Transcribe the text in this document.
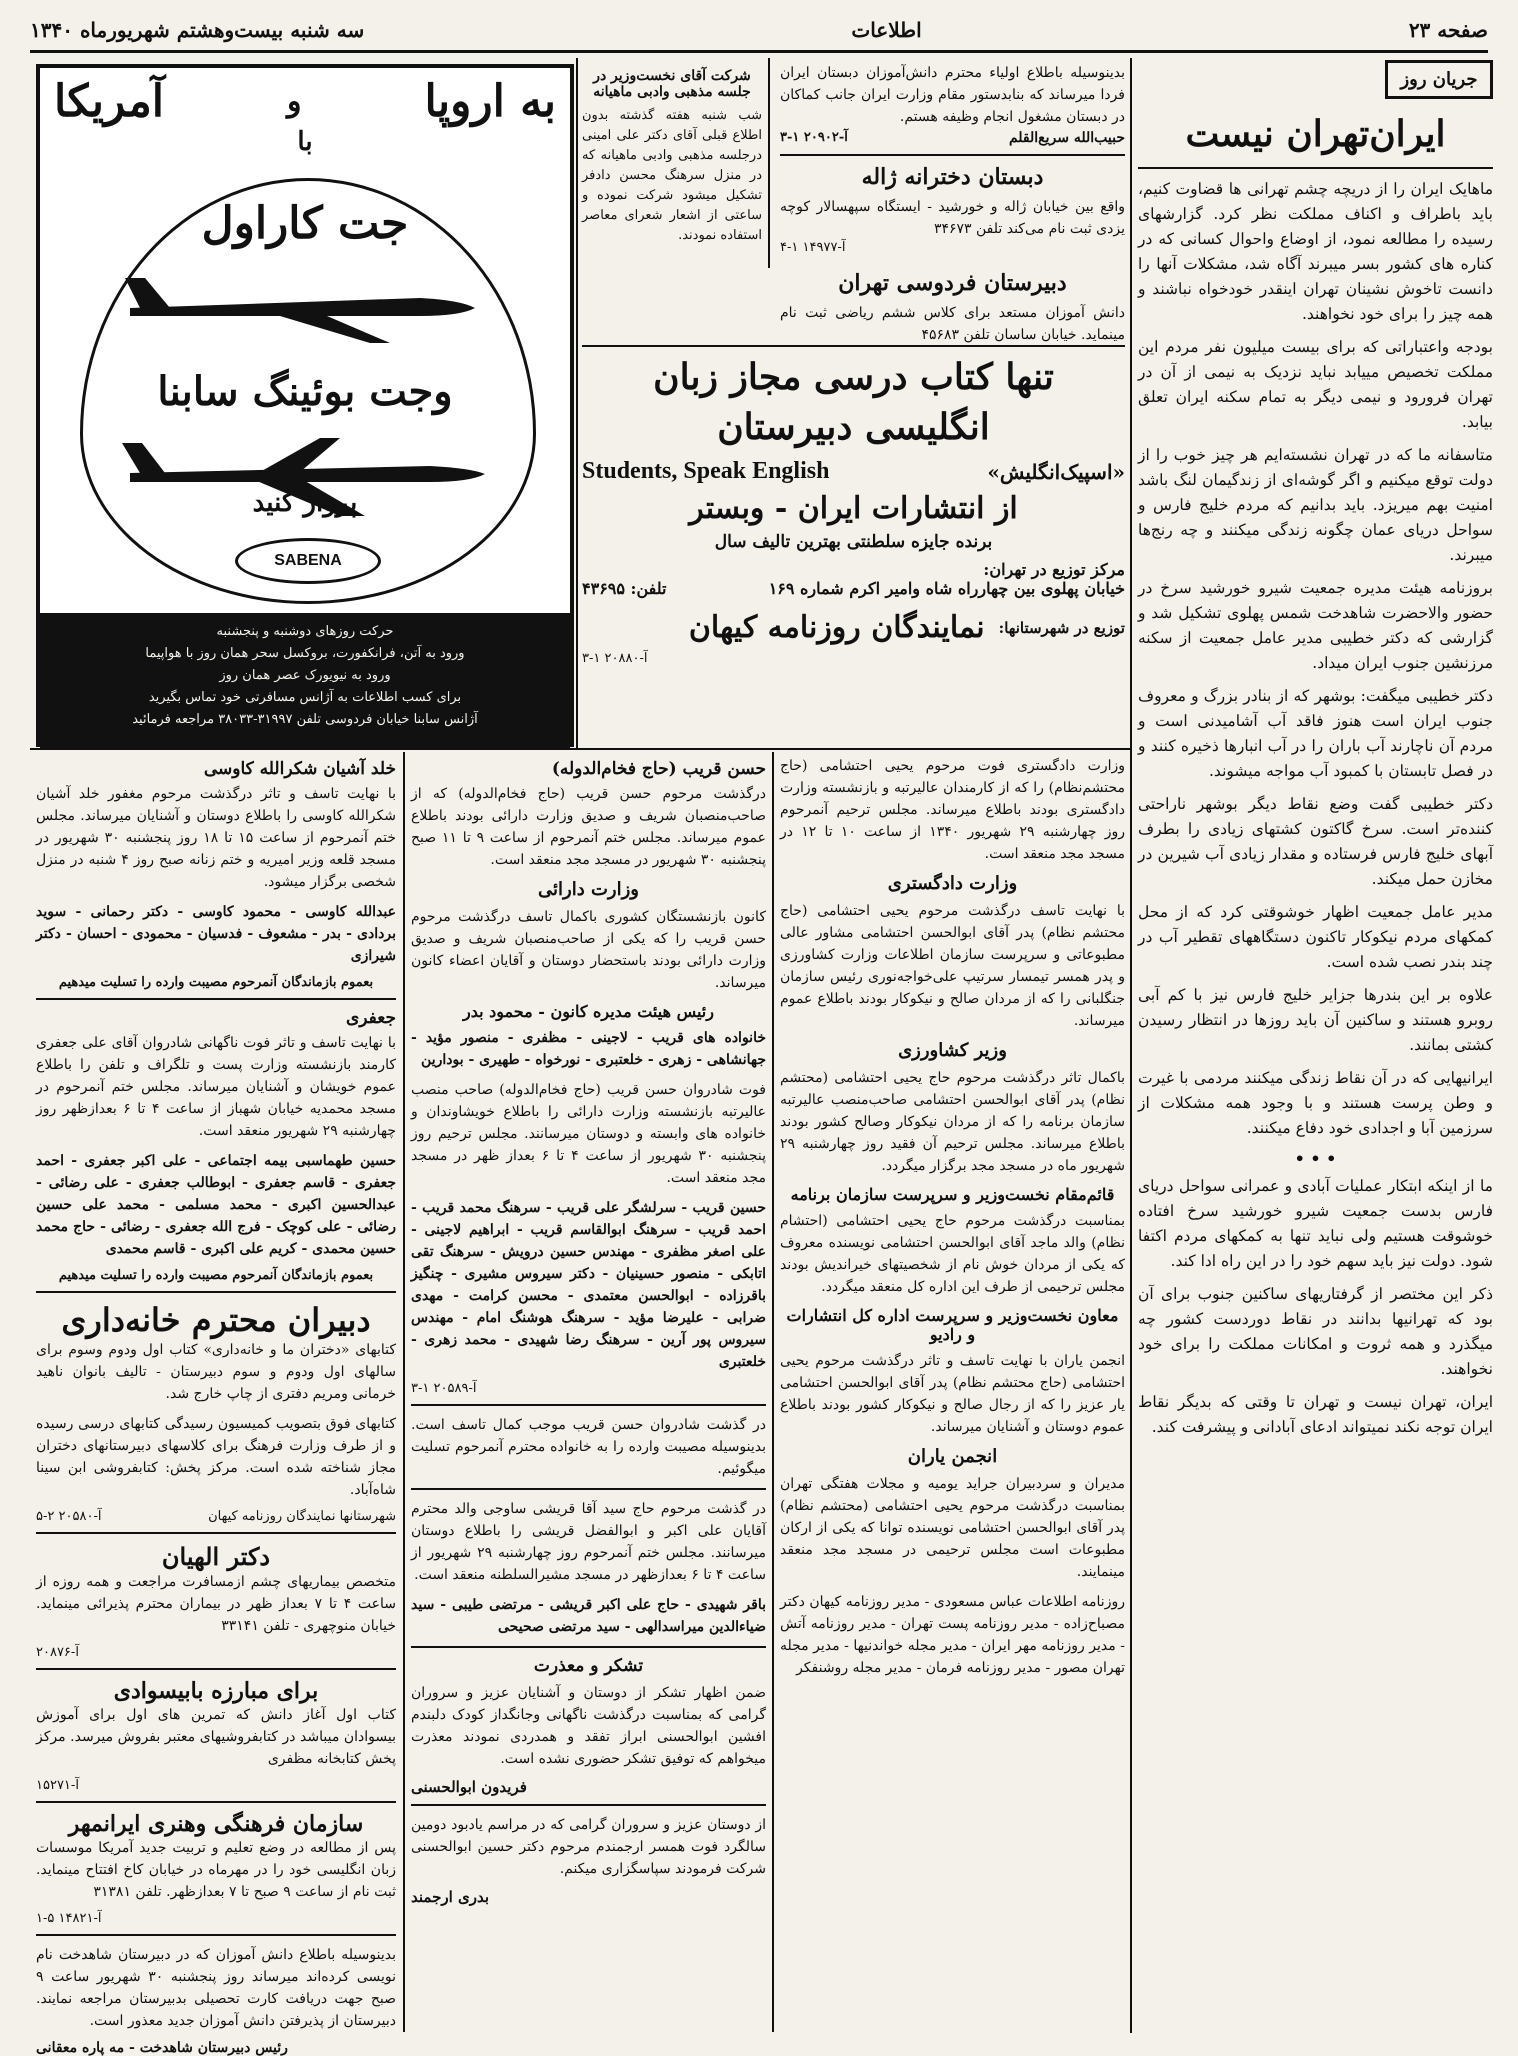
صفحه ۲۳
اطلاعات
سه شنبه بیست‌وهشتم شهریورماه ۱۳۴۰
جریان روز
ایران‌تهران نیست

ماهایک ایران را از دریچه چشم تهرانی ها قضاوت کنیم، باید باطراف و اکناف مملکت نظر کرد. گزارشهای رسیده را مطالعه نمود، از اوضاع واحوال کسانی که در کناره های کشور بسر میبرند آگاه شد، مشکلات آنها را دانست تاخوش نشینان تهران اینقدر خودخواه نباشند و همه چیز را برای خود نخواهند.

بودجه واعتباراتی که برای بیست میلیون نفر مردم این مملکت تخصیص مییابد نباید نزدیک به نیمی از آن در تهران فرورود و نیمی دیگر به تمام سکنه ایران تعلق بیابد.

متاسفانه ما که در تهران نشسته‌ایم هر چیز خوب را از دولت توقع میکنیم و اگر گوشه‌ای از زندگیمان لنگ باشد امنیت بهم میریزد. باید بدانیم که مردم خلیج فارس و سواحل دریای عمان چگونه زندگی میکنند و چه رنج‌ها میبرند.

بروزنامه هیئت مدیره جمعیت شیرو خورشید سرخ در حضور والاحضرت شاهدخت شمس پهلوی تشکیل شد و گزارشی که دکتر خطیبی مدیر عامل جمعیت از سکنه مرزنشین جنوب ایران میداد.

دکتر خطیبی میگفت: بوشهر که از بنادر بزرگ و معروف جنوب ایران است هنوز فاقد آب آشامیدنی است و مردم آن ناچارند آب باران را در آب انبارها ذخیره کنند و در فصل تابستان با کمبود آب مواجه میشوند.

دکتر خطیبی گفت وضع نقاط دیگر بوشهر ناراحتی کننده‌تر است. سرخ گاکتون کشتهای زیادی را بطرف آبهای خلیج فارس فرستاده و مقدار زیادی آب شیرین در مخازن حمل میکند.

مدیر عامل جمعیت اظهار خوشوقتی کرد که از محل کمکهای مردم نیکوکار تاکنون دستگاههای تقطیر آب در چند بندر نصب شده است.

علاوه بر این بندرها جزایر خلیج فارس نیز با کم آبی روبرو هستند و ساکنین آن باید روزها در انتظار رسیدن کشتی بمانند.

ایرانیهایی که در آن نقاط زندگی میکنند مردمی با غیرت و وطن پرست هستند و با وجود همه مشکلات از سرزمین آبا و اجدادی خود دفاع میکنند.

• • •

ما از اینکه ابتکار عملیات آبادی و عمرانی سواحل دریای فارس بدست جمعیت شیرو خورشید سرخ افتاده خوشوقت هستیم ولی نباید تنها به کمکهای مردم اکتفا شود. دولت نیز باید سهم خود را در این راه ادا کند.

ذکر این مختصر از گرفتاریهای ساکنین جنوب برای آن بود که تهرانیها بدانند در نقاط دوردست کشور چه میگذرد و همه ثروت و امکانات مملکت را برای خود نخواهند.

ایران، تهران نیست و تهران تا وقتی که بدیگر نقاط ایران توجه نکند نمیتواند ادعای آبادانی و پیشرفت کند.

بدینوسیله باطلاع اولیاء محترم دانش‌آموزان دبستان ایران فردا میرساند که بنابدستور مقام وزارت ایران جانب کماکان در دبستان مشغول انجام وظیفه هستم.

حبیب‌الله سریع‌القلم
آ-۲۰۹۰۲ ۱-۳
دبستان دخترانه ژاله

واقع بین خیابان ژاله و خورشید - ایستگاه سپهسالار کوچه یزدی ثبت نام می‌کند تلفن ۳۴۶۷۳

آ-۱۴۹۷۷ ۱-۴
شرکت آقای نخست‌وزیر در جلسه مذهبی وادبی ماهیانه

شب شنبه هفته گذشته بدون اطلاع قبلی آقای دکتر علی امینی درجلسه مذهبی وادبی ماهیانه که در منزل سرهنگ محسن دادفر تشکیل میشود شرکت نموده و ساعتی از اشعار شعرای معاصر استفاده نمودند.

دبیرستان فردوسی تهران

دانش آموزان مستعد برای کلاس ششم ریاضی ثبت نام مینماید. خیابان ساسان تلفن ۴۵۶۸۳

تنها کتاب درسی مجاز زبان
انگلیسی دبیرستان
«اسپیک‌انگلیش»
Students, Speak English
از انتشارات ایران - وبستر
برنده جایزه سلطنتی بهترین تالیف سال
مرکز توزیع در تهران:
خیابان پهلوی بین چهارراه شاه وامیر اکرم شماره ۱۶۹
تلفن: ۴۳۶۹۵
توزیع در شهرستانها:
نمایندگان روزنامه کیهان
آ-۲۰۸۸۰ ۱-۳
به اروپا
و
آمریکا
با
جت کاراول
وجت بوئینگ سابنا
پرواز کنید
SABENA
حرکت روزهای دوشنبه و پنجشنبه
ورود به آتن، فرانکفورت، بروکسل سحر همان روز با هواپیما
ورود به نیویورک عصر همان روز
برای کسب اطلاعات به آژانس مسافرتی خود تماس بگیرید
آژانس سابنا خیابان فردوسی تلفن ۳۱۹۹۷-۳۸۰۳۳ مراجعه فرمائید

وزارت دادگستری فوت مرحوم یحیی احتشامی (حاج محتشم‌نظام) را که از کارمندان عالیرتبه و بازنشسته وزارت دادگستری بودند باطلاع میرساند. مجلس ترحیم آنمرحوم روز چهارشنبه ۲۹ شهریور ۱۳۴۰ از ساعت ۱۰ تا ۱۲ در مسجد مجد منعقد است.

وزارت دادگستری

با نهایت تاسف درگذشت مرحوم یحیی احتشامی (حاج محتشم نظام) پدر آقای ابوالحسن احتشامی مشاور عالی مطبوعاتی و سرپرست سازمان اطلاعات وزارت کشاورزی و پدر همسر تیمسار سرتیپ علی‌خواجه‌نوری رئیس سازمان جنگلبانی را که از مردان صالح و نیکوکار بودند باطلاع عموم میرساند.

وزیر کشاورزی

باکمال تاثر درگذشت مرحوم حاج یحیی احتشامی (محتشم نظام) پدر آقای ابوالحسن احتشامی صاحب‌منصب عالیرتبه سازمان برنامه را که از مردان نیکوکار وصالح کشور بودند باطلاع میرساند. مجلس ترحیم آن فقید روز چهارشنبه ۲۹ شهریور ماه در مسجد مجد برگزار میگردد.

قائم‌مقام نخست‌وزیر و سرپرست سازمان برنامه

بمناسبت درگذشت مرحوم حاج یحیی احتشامی (احتشام نظام) والد ماجد آقای ابوالحسن احتشامی نویسنده معروف که یکی از مردان خوش نام از شخصیتهای خیراندیش بودند مجلس ترحیمی از طرف این اداره کل منعقد میگردد.

معاون نخست‌وزیر و سرپرست اداره کل انتشارات و رادیو

انجمن یاران با نهایت تاسف و تاثر درگذشت مرحوم یحیی احتشامی (حاج محتشم نظام) پدر آقای ابوالحسن احتشامی یار عزیز را که از رجال صالح و نیکوکار کشور بودند باطلاع عموم دوستان و آشنایان میرساند.

انجمن یاران

مدیران و سردبیران جراید یومیه و مجلات هفتگی تهران بمناسبت درگذشت مرحوم یحیی احتشامی (محتشم نظام) پدر آقای ابوالحسن احتشامی نویسنده توانا که یکی از ارکان مطبوعات است مجلس ترحیمی در مسجد مجد منعقد مینمایند.

روزنامه اطلاعات عباس مسعودی - مدیر روزنامه کیهان دکتر مصباح‌زاده - مدیر روزنامه پست تهران - مدیر روزنامه آتش - مدیر روزنامه مهر ایران - مدیر مجله خواندنیها - مدیر مجله تهران مصور - مدیر روزنامه فرمان - مدیر مجله روشنفکر

حسن قریب (حاج فخام‌الدوله)

درگذشت مرحوم حسن قریب (حاج فخام‌الدوله) که از صاحب‌منصبان شریف و صدیق وزارت دارائی بودند باطلاع عموم میرساند. مجلس ختم آنمرحوم از ساعت ۹ تا ۱۱ صبح پنجشنبه ۳۰ شهریور در مسجد مجد منعقد است.

وزارت دارائی

کانون بازنشستگان کشوری باکمال تاسف درگذشت مرحوم حسن قریب را که یکی از صاحب‌منصبان شریف و صدیق وزارت دارائی بودند باستحضار دوستان و آقایان اعضاء کانون میرساند.

رئیس هیئت مدیره کانون - محمود بدر

خانواده های قریب - لاجینی - مظفری - منصور مؤید - جهانشاهی - زهری - خلعتبری - نورخواه - طهیری - بودارین

فوت شادروان حسن قریب (حاج فخام‌الدوله) صاحب منصب عالیرتبه بازنشسته وزارت دارائی را باطلاع خویشاوندان و خانواده های وابسته و دوستان میرسانند. مجلس ترحیم روز پنجشنبه ۳۰ شهریور از ساعت ۴ تا ۶ بعداز ظهر در مسجد مجد منعقد است.

حسین قریب - سرلشگر علی قریب - سرهنگ محمد قریب - احمد قریب - سرهنگ ابوالقاسم قریب - ابراهیم لاجینی - علی اصغر مظفری - مهندس حسین درویش - سرهنگ تقی اتابکی - منصور حسینیان - دکتر سیروس مشیری - چنگیز باقرزاده - ابوالحسن معتمدی - محسن کرامت - مهدی ضرابی - علیرضا مؤید - سرهنگ هوشنگ امام - مهندس سیروس پور آرین - سرهنگ رضا شهیدی - محمد زهری - خلعتبری

آ-۲۰۵۸۹ ۱-۳

در گذشت شادروان حسن قریب موجب کمال تاسف است. بدینوسیله مصیبت وارده را به خانواده محترم آنمرحوم تسلیت میگوئیم.

در گذشت مرحوم حاج سید آقا قریشی ساوجی والد محترم آقایان علی اکبر و ابوالفضل قریشی را باطلاع دوستان میرسانند. مجلس ختم آنمرحوم روز چهارشنبه ۲۹ شهریور از ساعت ۴ تا ۶ بعدازظهر در مسجد مشیرالسلطنه منعقد است.

باقر شهیدی - حاج علی اکبر قریشی - مرتضی طیبی - سید ضیاءالدین میراسدالهی - سید مرتضی صحیحی

تشکر و معذرت

ضمن اظهار تشکر از دوستان و آشنایان عزیز و سروران گرامی که بمناسبت درگذشت ناگهانی وجانگداز کودک دلبندم افشین ابوالحسنی ابراز تفقد و همدردی نمودند معذرت میخواهم که توفیق تشکر حضوری نشده است.

فریدون ابوالحسنی

از دوستان عزیز و سروران گرامی که در مراسم یادبود دومین سالگرد فوت همسر ارجمندم مرحوم دکتر حسین ابوالحسنی شرکت فرمودند سپاسگزاری میکنم.

بدری ارجمند
خلد آشیان شکرالله کاوسی

با نهایت تاسف و تاثر درگذشت مرحوم مغفور خلد آشیان شکرالله کاوسی را باطلاع دوستان و آشنایان میرساند. مجلس ختم آنمرحوم از ساعت ۱۵ تا ۱۸ روز پنجشنبه ۳۰ شهریور در مسجد قلعه وزیر امیریه و ختم زنانه صبح روز ۴ شنبه در منزل شخصی برگزار میشود.

عبدالله کاوسی - محمود کاوسی - دکتر رحمانی - سوید بردادی - بدر - مشعوف - فدسیان - محمودی - احسان - دکتر شیرازی

بعموم بازماندگان آنمرحوم مصیبت وارده را تسلیت میدهیم
جعفری

با نهایت تاسف و تاثر فوت ناگهانی شادروان آقای علی جعفری کارمند بازنشسته وزارت پست و تلگراف و تلفن را باطلاع عموم خویشان و آشنایان میرساند. مجلس ختم آنمرحوم در مسجد محمدیه خیابان شهباز از ساعت ۴ تا ۶ بعدازظهر روز چهارشنبه ۲۹ شهریور منعقد است.

حسین طهماسبی بیمه اجتماعی - علی اکبر جعفری - احمد جعفری - قاسم جعفری - ابوطالب جعفری - علی رضائی - عبدالحسین اکبری - محمد مسلمی - محمد علی حسین رضائی - علی کوچک - فرج الله جعفری - رضائی - حاج محمد حسین محمدی - کریم علی اکبری - قاسم محمدی

بعموم بازماندگان آنمرحوم مصیبت وارده را تسلیت میدهیم
دبیران محترم خانه‌داری

کتابهای «دختران ما و خانه‌داری» کتاب اول ودوم وسوم برای سالهای اول ودوم و سوم دبیرستان - تالیف بانوان ناهید خرمانی ومریم دفتری از چاپ خارج شد.

کتابهای فوق بتصویب کمیسیون رسیدگی کتابهای درسی رسیده و از طرف وزارت فرهنگ برای کلاسهای دبیرستانهای دختران مجاز شناخته شده است. مرکز پخش: کتابفروشی ابن سینا شاه‌آباد.

شهرستانها نمایندگان روزنامه کیهان
آ-۲۰۵۸۰ ۲-۵
دکتر الهیان

متخصص بیماریهای چشم ازمسافرت مراجعت و همه روزه از ساعت ۴ تا ۷ بعداز ظهر در بیماران محترم پذیرائی مینماید. خیابان منوچهری - تلفن ۳۳۱۴۱

آ-۲۰۸۷۶
برای مبارزه بابیسوادی

کتاب اول آغاز دانش که تمرین های اول برای آموزش بیسوادان میباشد در کتابفروشیهای معتبر بفروش میرسد. مرکز پخش کتابخانه مظفری

آ-۱۵۲۷۱
سازمان فرهنگی وهنری ایرانمهر

پس از مطالعه در وضع تعلیم و تربیت جدید آمریکا موسسات زبان انگلیسی خود را در مهرماه در خیابان کاخ افتتاح مینماید. ثبت نام از ساعت ۹ صبح تا ۷ بعدازظهر. تلفن ۳۱۳۸۱

آ-۱۴۸۲۱ ۵-۱

بدینوسیله باطلاع دانش آموزان که در دبیرستان شاهدخت نام نویسی کرده‌اند میرساند روز پنجشنبه ۳۰ شهریور ساعت ۹ صبح جهت دریافت کارت تحصیلی بدبیرستان مراجعه نمایند. دبیرستان از پذیرفتن دانش آموزان جدید معذور است.

رئیس دبیرستان شاهدخت - مه پاره معقانی
